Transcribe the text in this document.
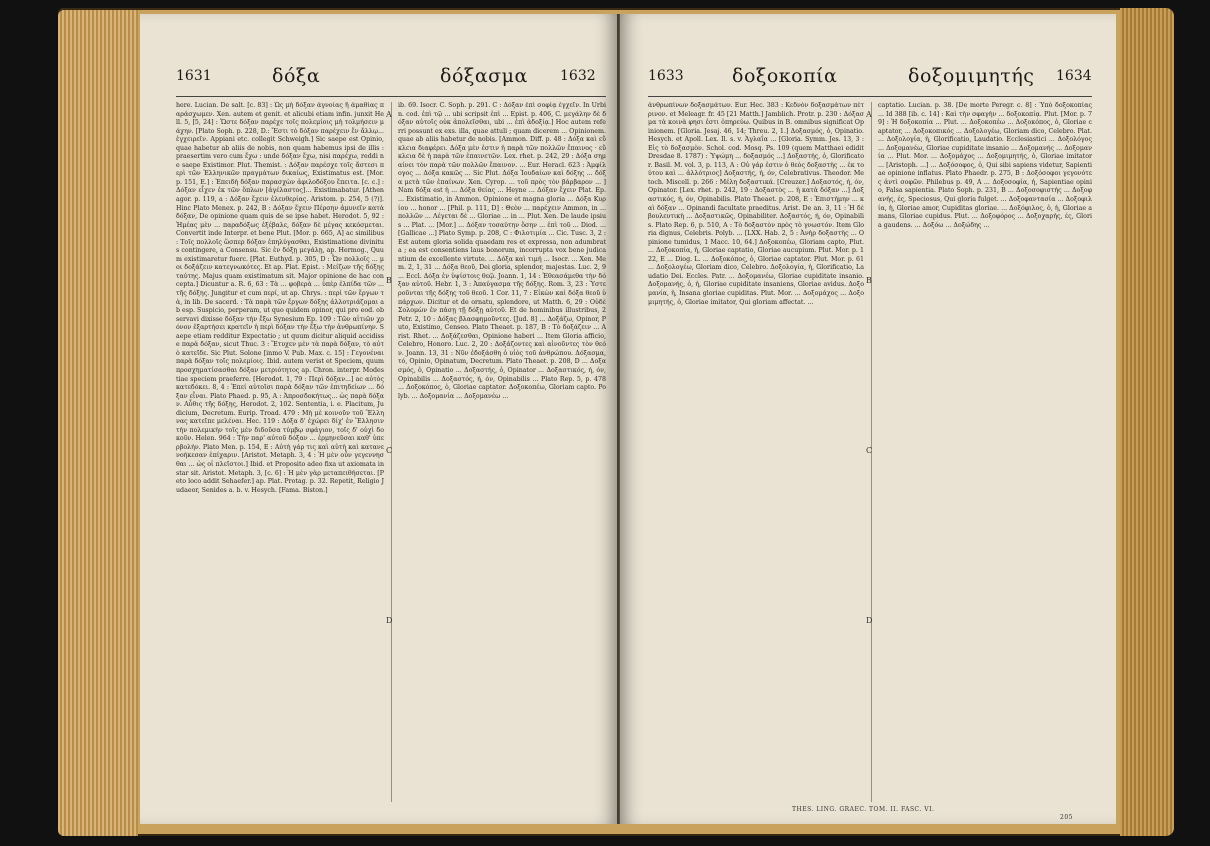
1631	δόξα	δόξασμα 1632
here. Lucian. De salt. [c. 83] : Ὡς μὴ δόξαν ἀγνοίας ἢ ἀμαθίας παράσχωμεν. Xen. autem et genit. et alicubi etiam infin. junxit Hell. 5, [5, 24] : Ὥστε δόξαν παρέχε τοῖς πολεμίοις μὴ τολμήσειν μάχην. [Plato Soph. p. 228, D.: Ἔστι τὸ δόξαν παρέχειν ἔν ἄλλῳ...ἐγχειρεῖν. Appiani etc. collegit Schweigh.] Sic saepe est Opinio, quae habetur ab aliis de nobis, non quam habemus ipsi de illis : praesertim vero cum ἔχω : unde δόξαν ἔχω, nisi παρέχω, reddi ne saepe Existimor. Plut. Themist. : Δόξαν παρέσχε τοῖς ἄστεσι περὶ τῶν Ἑλληνικῶν πραγμάτων δικαίως, Existimatus est. [Mor. p. 151, E.] : Ἐπειδὴ δόξαν παρασχὼν ἀφιλοδόξου ἔπειτα. [c. c.] : Δόξαν εἶχεν ἐκ τῶν ὅπλων [ἀγέλαστος]... Existimabatur. [Athenagor. p. 119, a : Δόξαν ἔχειν ἐλευθερίας. Aristom. p. 254, 5 (?)]. Hinc Plato Menex. p. 242, B : Δόξαν ἔχειν Πέρσην ἀμυνεῖν κατὰ δόξαν, De opinione quam quis de se ipse habet. Herodot. 5, 92 : Ἡμέας μὲν ... παραδόξως ἐξέβαλε, δόξαν δὲ μέγας κεκόσμεται. Convertit inde Interpr. et bene Plut. [Mor. p. 665, A] ac similibus : Τοῖς πολλοῖς ὥσπερ δόξαν ἐπηλύγασθαι, Existimatione divinitus contingere, a Consensu. Sic ἐν δόξῃ μεγάλῃ, ap. Hermog., Quum existimaretur fuerc. [Plat. Euthyd. p. 305, D : Ὧν πολλοῖς ... μοι δοξάζειν κατεγνωκότες. Et ap. Plat. Epist. : Μείζων τῆς δόξης ταύτης. Majus quam existimatum sit. Major opinione de hac concepta.] Dicuntur a. R. 6, 63 : Τὰ ... φοβερὰ ... ὑπὲρ ἐλπίδα τῶν ... τῆς δόξης. Jungitur et cum περί, ut ap. Chrys. : περὶ τῶν ἔργων τὰ, in lib. De sacerd. : Τὰ παρὰ τῶν ἔργων δόξης ἀλλοτριάζομαι ab esp. Suspicio, perperam, ut quo quidem opinor, qui pro eod. observavi dixisse δόξαν τὴν ἔξω Synesium Ep. 109 : Τῶν αἰτιῶν χρόνον ἐξαρτήσει κρατεῖν ἡ περὶ δόξαν τὴν ἔξω τὴν ἀνθρωπίνην. Saepe etiam redditur Expectatio ; ut quum dicitur aliquid accidisse παρὰ δόξαν, sicut Thuc. 3 : Ἔτυχεν μὲν τὰ παρὰ δόξαν, τὸ αὐτὸ κατεῖδε. Sic Plut. Solone [inmo V. Pub. Max. c. 15] : Γεγονέναι παρὰ δόξαν τοῖς πολεμίοις. Ibid. autem verist et Speciem, quum προσχηματίσασθαι δόξαν μετριότητος ap. Chron. interpr. Modestiae speciem praeferre. [Herodot. 1, 79 : Περὶ δόξαν...] ac αὐτὸς κατεδόκει. 8, 4 : Ἐπεί αὐτοῖσι παρὰ δόξαν τῶν ἐπιτηδείων ... δόξαν εἶναι. Plato Phaed. p. 95, A : Ἀπροσδοκήτως... ὡς παρὰ δόξαν. Αὖθις τῆς δόξης, Herodot. 2, 102. Sententia, i. e. Placitum, Judicium, Decretum. Eurip. Troad. 479 : Μὴ μὲ κοινοῦν τοῦ Ἕλληνας κατεῖπε μελέναι. Hec. 119 : Δόξα δ' ἐχώρει δίχ' ἐν Ἕλλησιν τὴν πολεμικὴν τοῖς μὲν διδοῦσα τύμβῳ σφάγιον, τοῖς δ' οὐχὶ δοκοῦν. Helen. 964 : Τὴν παρ' αὐτοῦ δόξαν ... ἑρμηνεῦσαι καθ' ὑπερβολήν. Plato Men. p. 154, E : Αὐτὴ γάρ τις καὶ αὐτὴ καὶ κατανενοήκεσαν ἐπίχαριν. [Aristot. Metaph. 3, 4 : Ἡ μὲν οὖν γεγεννησθαι ... ὡς οἱ πλεῖστοι.] Ibid. et Proposito adeo fixa ut axiomata instar sit. Aristot. Metaph. 3, [c. 6] : Ἡ μὲν γὰρ μεταπειθήσεται. [Peto loco addit Sehaefer.] ap. Plat. Protag. p. 32. Repetit, Religio Judaeor, Senides a. b. v. Hesych. [Fama. Biston.]
ib. 69. Isocr. C. Soph. p. 291. C : Δόξαν ἐπὶ σοφίᾳ ἐγχεῖν. In Urbin. cod. ἐπὶ τῷ ... ubi scripsit ἐπὶ ... Epist. p. 406, C. μεγάλην δὲ δόξαν αὐτοῖς οὐκ ἀπολεῖσθαι, ubi ... ἐπὶ ἀδοξίᾳ.] Hoc autem referri possunt ex exs. illa, quae attuli ; quam dicerem ... Opinionem. quae ab aliis habetur de nobis. [Ammon. Diff. p. 48 : Δόξα καὶ εὔκλεια διαφέρει. Δόξα μὲν ἐστιν ἡ παρὰ τῶν πολλῶν ἔπαινος · εὔκλεια δὲ ἡ παρὰ τῶν ἐπαινετῶν. Lex. rhet. p. 242, 29 : Δόξα σημαίνει τὸν παρὰ τῶν πολλῶν ἔπαινον. ... Eur. Heracl. 623 : Ἀμφίλογος ... Δόξα κακῶς ... Sic Plut. Δόξα Ἰουδαίων καὶ δόξης ... δόξα μετὰ τῶν ἐπαίνων. Xen. Cyrop. ... τοῦ πρὸς τὸν βάρβαρον ... ] Nam δόξα est ἡ ... Δόξα θείας ... Heyne ... Δόξαν ἔχειν Plat. Ep. ... Existimatio, in Ammon. Opinione et magna gloria ... Δόξα Κυρίου ... honor ... [Phil. p. 111, D] : Θεὸν ... παρέχειν Ammon, in ... πολλῶν ... Λέγεται δὲ ... Gloriae ... in ... Plut. Xen. De laude ipsius ... Plat. ... [Mor.] ... Δόξαν τοσαύτην ὅσην ... ἐπὶ τοῦ ... Diod. ... [Gallicae ...] Plato Symp. p. 208, C : Φιλοτιμία ... Cic. Tusc. 3, 2 : Est autem gloria solida quaedam res et expressa, non adumbrata ; ea est consentiens laus bonorum, incorrupta vox bene judicantium de excellente virtute. ... Δόξα καὶ τιμή ... Isocr. ... Xen. Mem. 2, 1, 31 ... Δόξα θεοῦ, Dei gloria, splendor, majestas. Luc. 2, 9 ... Eccl. Δόξα ἐν ὑψίστοις θεῷ. Joann. 1, 14 : Ἐθεασάμεθα τὴν δόξαν αὐτοῦ. Hebr. 1, 3 : Ἀπαύγασμα τῆς δόξης. Rom. 3, 23 : Ὑστεροῦνται τῆς δόξης τοῦ θεοῦ. 1 Cor. 11, 7 : Εἰκὼν καὶ δόξα θεοῦ ὑπάρχων. Dicitur et de ornatu, splendore, ut Matth. 6, 29 : Οὐδὲ Σολομὼν ἐν πάσῃ τῇ δόξῃ αὐτοῦ. Et de hominibus illustribus, 2 Petr. 2, 10 : Δόξας βλασφημοῦντες. [Jud. 8] ... Δοξάζω, Opinor, Puto, Existimo, Censeo. Plato Theaet. p. 187, B : Τὸ δοξάζειν ... Arist. Rhet. ... Δοξάζεσθαι, Opinione haberi ... Item Gloria afficio, Celebro, Honoro. Luc. 2, 20 : Δοξάζοντες καὶ αἰνοῦντες τὸν θεόν. Joann. 13, 31 : Νῦν ἐδοξάσθη ὁ υἱὸς τοῦ ἀνθρώπου. Δόξασμα, τό, Opinio, Opinatum, Decretum. Plato Theaet. p. 208, D ... Δοξασμός, ὁ, Opinatio ... Δοξαστής, ὁ, Opinator ... Δοξαστικός, ή, όν, Opinabilis ... Δοξαστός, ή, όν, Opinabilis ... Plato Rep. 5, p. 478 ... Δοξοκόπος, ὁ, Gloriae captator. Δοξοκοπέω, Gloriam capto. Polyb. ... Δοξομανία ... Δοξομανέω ...
A
B
C
D
1633	δοξοκοπία	δοξομιμητής 1634
ἀνθρωπίνων δοξασμάτων. Eur. Hec. 383 : Κεδνὸν δοξασμάτων πέτρινον. et Meleagr. fr. 45 [21 Matth.] Jamblich. Protr. p. 230 : Δόξασμα τὰ κοινὰ φησι ἐστι ὁπηρεύω. Quibus in B. omnibus significat Opinionem. [Gloria. Jesaj. 46, 14; Threu. 2, 1.] Δοξασμός, ὁ, Opinatio. Hesych. et Apoll. Lex. Il. s. v. Ἀγλαΐα ... [Gloria. Symm. Jes. 13, 3 : Εἰς τὸ δοξασμὸν. Schol. cod. Mosq. Ps. 109 (quem Matthaei edidit Dresdae 8. 1787) : Ὑψώμη ... δοξασμός ...] Δοξαστής, ὁ, Glorificator. Basil. M. vol. 3, p. 113, A : Οὐ γάρ ἐστιν ὁ θεὸς δοξαστὴς ... ἐκ τούτου καὶ ... ἀλλότριος] Δοξαστής, ή, όν, Celebrativus. Theodor. Metoch. Miscell. p. 266 : Μέλη δοξαστικά. [Creuzer.] Δοξαστός, ή, όν, Opinator. [Lex. rhet. p. 242, 19 : Δοξαστὸς ... ἡ κατὰ δόξαν ...] Δοξαστικός, ή, όν, Opinabilis. Plato Theaet. p. 208, E : Ἐπιστήμην ... καὶ δόξαν ... Opinandi facultate praeditus. Arist. De an. 3, 11 : Ἡ δὲ βουλευτικὴ ... Δοξαστικῶς, Opinabiliter. Δοξαστός, ή, όν, Opinabilis. Plato Rep. 6, p. 510, A : Τὸ δοξαστὸν πρὸς τὸ γνωστόν. Item Gloria dignus, Celebris. Polyb. ... [LXX. Hab. 2, 5 : Ἀνὴρ δοξαστὴς ... Opinione tumidus, 1 Macc. 10, 64.] Δοξοκοπέω, Gloriam capto, Plut. ... Δοξοκοπία, ἡ, Gloriae captatio, Gloriae aucupium. Plut. Mor. p. 122, E ... Diog. L. ... Δοξοκόπος, ὁ, Gloriae captator. Plut. Mor. p. 61 ... Δοξολογέω, Gloriam dico, Celebro. Δοξολογία, ἡ, Glorificatio, Laudatio Dei. Eccles. Patr. ... Δοξομανέω, Gloriae cupiditate insanio. Δοξομανής, ὁ, ἡ, Gloriae cupiditate insaniens, Gloriae avidus. Δοξομανία, ἡ, Insana gloriae cupiditas. Plut. Mor. ... Δοξομάχος ... Δοξομιμητής, ὁ, Gloriae imitator, Qui gloriam affectat. ...
captatio. Lucian. p. 38. [De morte Peregr. c. 8] : Ὑπὸ δοξοκοπίας ... Id 388 [ib. c. 14] : Καὶ τὴν σφαγὴν ... δοξοκοπίᾳ. Plut. [Mor. p. 79] : Ἡ δοξοκοπία ... Plut. ... Δοξοκοπέω ... Δοξοκόπος, ὁ, Gloriae captator, ... Δοξοκοπικός ... Δοξολογέω, Gloriam dico, Celebro. Plat. ... Δοξολογία, ἡ, Glorificatio, Laudatio. Ecclesiastici ... Δοξολόγος ... Δοξομανέω, Gloriae cupiditate insanio ... Δοξομανής ... Δοξομανία ... Plut. Mor. ... Δοξομάχος ... Δοξομιμητής, ὁ, Gloriae imitator ... [Aristoph. ...] ... Δοξόσοφος, ὁ, Qui sibi sapiens videtur, Sapientiae opinione inflatus. Plato Phaedr. p. 275, B : Δοξόσοφοι γεγονότες ἀντὶ σοφῶν. Philebus p. 49, A ... Δοξοσοφία, ἡ, Sapientiae opinio, Falsa sapientia. Plato Soph. p. 231, B ... Δοξοσοφιστής ... Δοξοφανής, ές, Speciosus, Qui gloria fulget. ... Δοξοφαντασία ... Δοξοφιλία, ἡ, Gloriae amor, Cupiditas gloriae. ... Δοξόφιλος, ὁ, ἡ, Gloriae amans, Gloriae cupidus. Plut. ... Δοξοφόρος ... Δοξοχαρής, ές, Gloria gaudens. ... Δοξόω ... Δοξώδης ...
A
B
C
D
THES. LING. GRAEC. TOM. II. FASC. VI.
205
